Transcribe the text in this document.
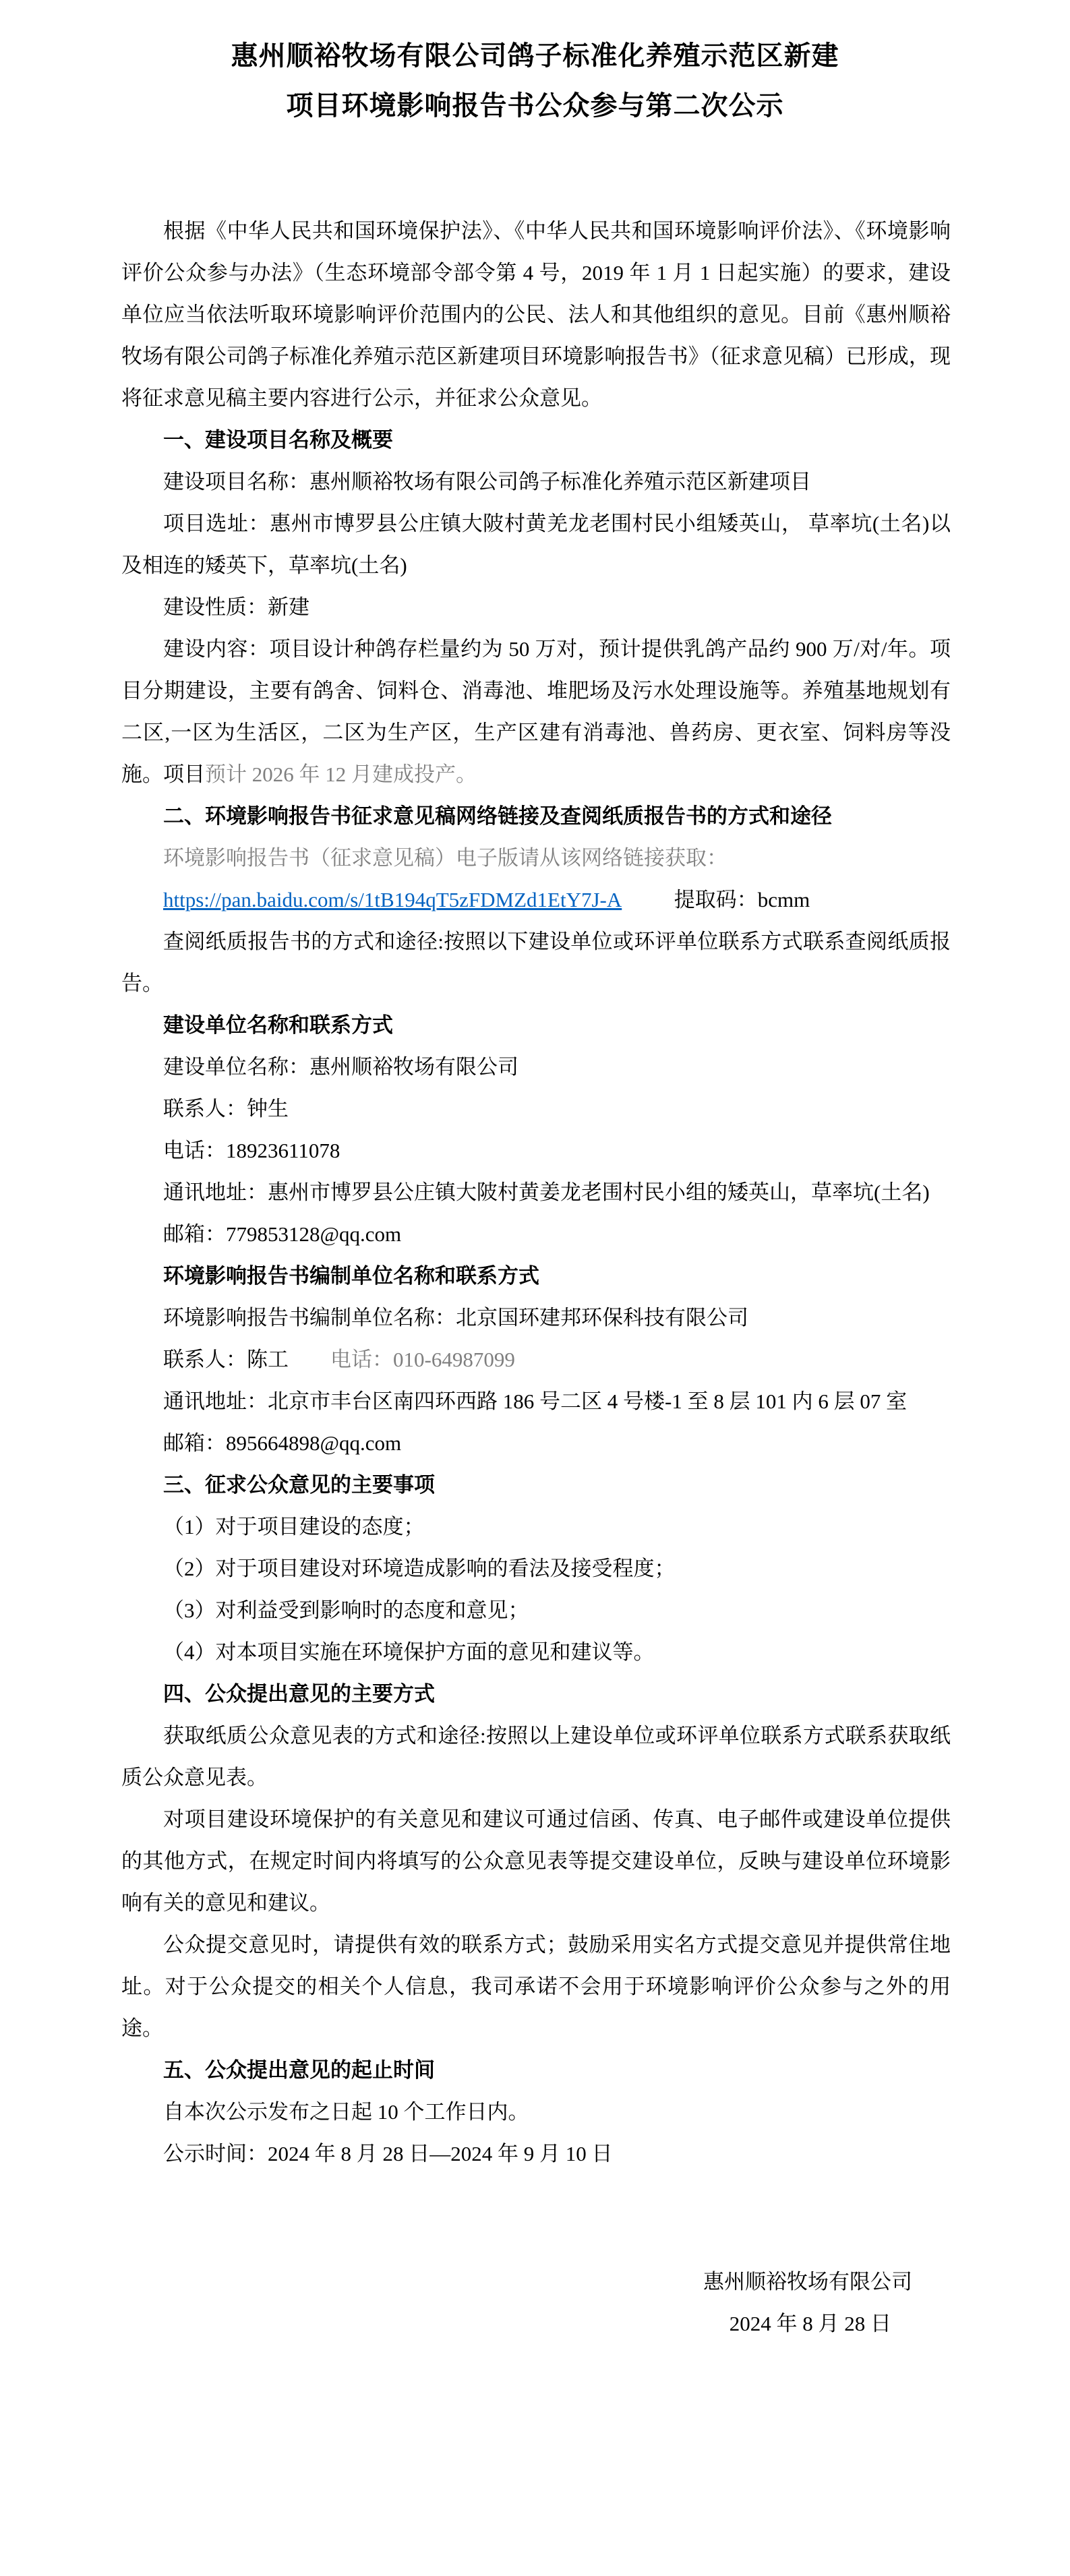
惠州顺裕牧场有限公司鸽子标准化养殖示范区新建
项目环境影响报告书公众参与第二次公示

根据《中华人民共和国环境保护法》、《中华人民共和国环境影响评价法》、《环境影响评价公众参与办法》（生态环境部令部令第 4 号，2019 年 1 月 1 日起实施）的要求，建设单位应当依法听取环境影响评价范围内的公民、法人和其他组织的意见。目前《惠州顺裕牧场有限公司鸽子标准化养殖示范区新建项目环境影响报告书》（征求意见稿）已形成，现将征求意见稿主要内容进行公示，并征求公众意见。

一、建设项目名称及概要

建设项目名称：惠州顺裕牧场有限公司鸽子标准化养殖示范区新建项目

项目选址：惠州市博罗县公庄镇大陂村黄羌龙老围村民小组矮英山， 草率坑(土名)以及相连的矮英下，草率坑(土名)

建设性质：新建

建设内容：项目设计种鸽存栏量约为 50 万对，预计提供乳鸽产品约 900 万/对/年。项目分期建设，主要有鸽舍、饲料仓、消毒池、堆肥场及污水处理设施等。养殖基地规划有二区,一区为生活区，二区为生产区，生产区建有消毒池、兽药房、更衣室、饲料房等没施。项目预计 2026 年 12 月建成投产。

二、环境影响报告书征求意见稿网络链接及查阅纸质报告书的方式和途径

环境影响报告书（征求意见稿）电子版请从该网络链接获取：

https://pan.baidu.com/s/1tB194qT5zFDMZd1EtY7J-A	提取码：bcmm

查阅纸质报告书的方式和途径:按照以下建设单位或环评单位联系方式联系查阅纸质报告。

建设单位名称和联系方式

建设单位名称：惠州顺裕牧场有限公司

联系人：钟生

电话：18923611078

通讯地址：惠州市博罗县公庄镇大陂村黄姜龙老围村民小组的矮英山，草率坑(土名)

邮箱：779853128@qq.com

环境影响报告书编制单位名称和联系方式

环境影响报告书编制单位名称：北京国环建邦环保科技有限公司

联系人：陈工 电话：010-64987099

通讯地址：北京市丰台区南四环西路 186 号二区 4 号楼-1 至 8 层 101 内 6 层 07 室

邮箱：895664898@qq.com

三、征求公众意见的主要事项

（1）对于项目建设的态度；

（2）对于项目建设对环境造成影响的看法及接受程度；

（3）对利益受到影响时的态度和意见；

（4）对本项目实施在环境保护方面的意见和建议等。

四、公众提出意见的主要方式

获取纸质公众意见表的方式和途径:按照以上建设单位或环评单位联系方式联系获取纸质公众意见表。

对项目建设环境保护的有关意见和建议可通过信函、传真、电子邮件或建设单位提供的其他方式，在规定时间内将填写的公众意见表等提交建设单位，反映与建设单位环境影响有关的意见和建议。

公众提交意见时，请提供有效的联系方式；鼓励采用实名方式提交意见并提供常住地址。对于公众提交的相关个人信息，我司承诺不会用于环境影响评价公众参与之外的用途。

五、公众提出意见的起止时间

自本次公示发布之日起 10 个工作日内。

公示时间：2024 年 8 月 28 日—2024 年 9 月 10 日

惠州顺裕牧场有限公司
2024 年 8 月 28 日
